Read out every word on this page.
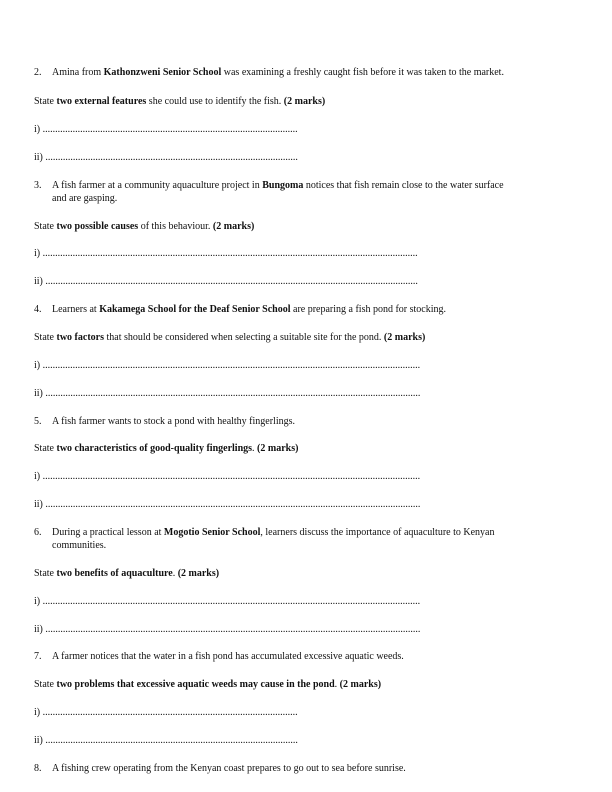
2. Amina from Kathonzweni Senior School was examining a freshly caught fish before it was taken to the market.
State two external features she could use to identify the fish. (2 marks)
i) ......................................................................................................
ii) .....................................................................................................
3. A fish farmer at a community aquaculture project in Bungoma notices that fish remain close to the water surface
and are gasping.
State two possible causes of this behaviour. (2 marks)
i) ......................................................................................................................................................
ii) .....................................................................................................................................................
4. Learners at Kakamega School for the Deaf Senior School are preparing a fish pond for stocking.
State two factors that should be considered when selecting a suitable site for the pond. (2 marks)
i) .......................................................................................................................................................
ii) ......................................................................................................................................................
5. A fish farmer wants to stock a pond with healthy fingerlings.
State two characteristics of good-quality fingerlings. (2 marks)
i) .......................................................................................................................................................
ii) ......................................................................................................................................................
6. During a practical lesson at Mogotio Senior School, learners discuss the importance of aquaculture to Kenyan
communities.
State two benefits of aquaculture. (2 marks)
i) .......................................................................................................................................................
ii) ......................................................................................................................................................
7. A farmer notices that the water in a fish pond has accumulated excessive aquatic weeds.
State two problems that excessive aquatic weeds may cause in the pond. (2 marks)
i) ......................................................................................................
ii) .....................................................................................................
8. A fishing crew operating from the Kenyan coast prepares to go out to sea before sunrise.
